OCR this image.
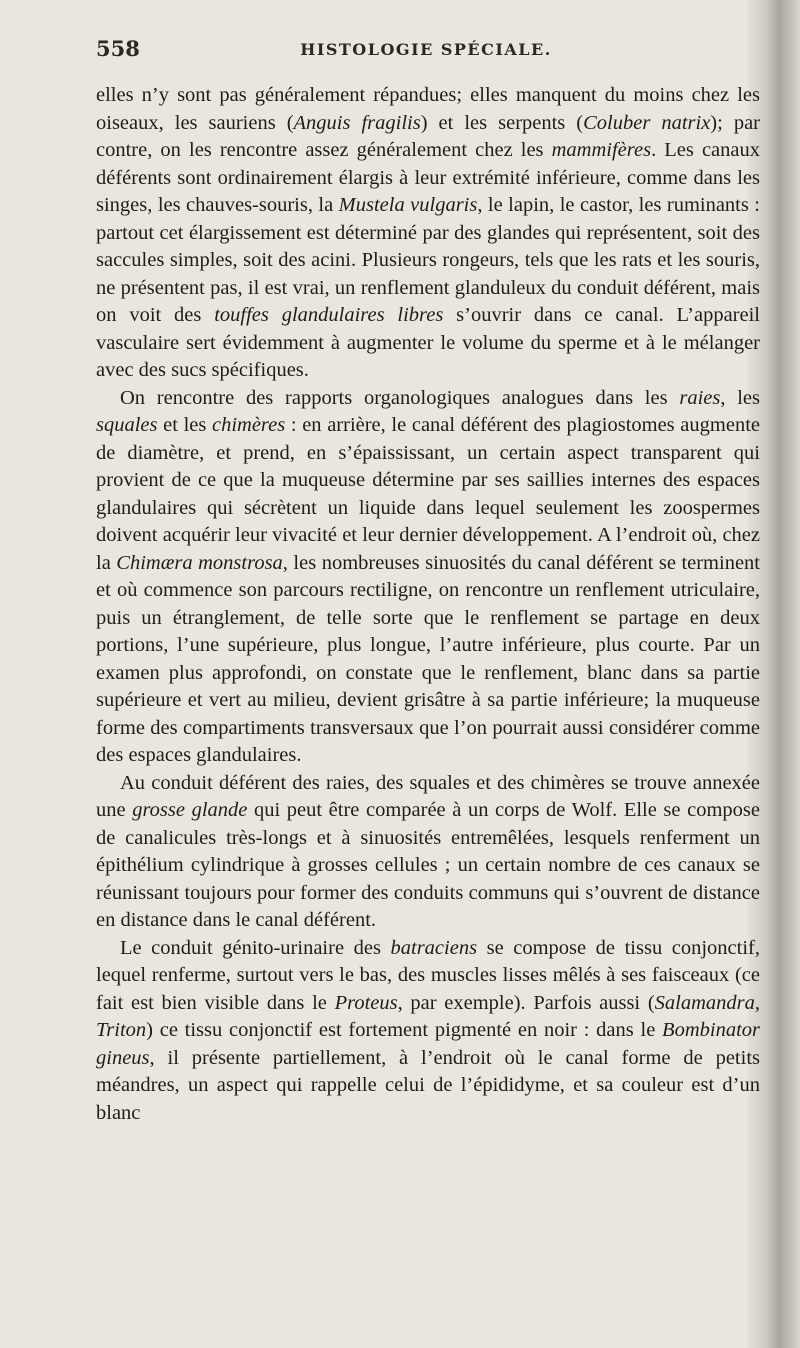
558	HISTOLOGIE SPÉCIALE.

elles n’y sont pas généralement répandues; elles manquent du moins chez les oiseaux, les sauriens (Anguis fragilis) et les serpents (Coluber natrix); par contre, on les rencontre assez généralement chez les mammifères. Les canaux déférents sont ordinairement élargis à leur extrémité inférieure, comme dans les singes, les chauves-souris, la Mustela vulgaris, le lapin, le castor, les ruminants : partout cet élargissement est déterminé par des glandes qui représentent, soit des saccules simples, soit des acini. Plusieurs rongeurs, tels que les rats et les souris, ne présentent pas, il est vrai, un renflement glanduleux du conduit déférent, mais on voit des touffes glandulaires libres s’ouvrir dans ce canal. L’appareil vasculaire sert évidemment à augmenter le volume du sperme et à le mélanger avec des sucs spécifiques.

On rencontre des rapports organologiques analogues dans les raies, les squales et les chimères : en arrière, le canal déférent des plagiostomes augmente de diamètre, et prend, en s’épaississant, un certain aspect transparent qui provient de ce que la muqueuse détermine par ses saillies internes des espaces glandulaires qui sécrètent un liquide dans lequel seulement les zoospermes doivent acquérir leur vivacité et leur dernier développement. A l’endroit où, chez la Chimæra monstrosa, les nombreuses sinuosités du canal déférent se terminent et où commence son parcours rectiligne, on rencontre un renflement utriculaire, puis un étranglement, de telle sorte que le renflement se partage en deux portions, l’une supérieure, plus longue, l’autre inférieure, plus courte. Par un examen plus approfondi, on constate que le renflement, blanc dans sa partie supérieure et vert au milieu, devient grisâtre à sa partie inférieure; la muqueuse forme des compartiments transversaux que l’on pourrait aussi considérer comme des espaces glandulaires.

Au conduit déférent des raies, des squales et des chimères se trouve annexée une grosse glande qui peut être comparée à un corps de Wolf. Elle se compose de canalicules très-longs et à sinuosités entremêlées, lesquels renferment un épithélium cylindrique à grosses cellules ; un certain nombre de ces canaux se réunissant toujours pour former des conduits communs qui s’ouvrent de distance en distance dans le canal déférent.

Le conduit génito-urinaire des batraciens se compose de tissu conjonctif, lequel renferme, surtout vers le bas, des muscles lisses mêlés à ses faisceaux (ce fait est bien visible dans le Proteus, par exemple). Parfois aussi (Salamandra, Triton) ce tissu conjonctif est fortement pigmenté en noir : dans le Bombinator gineus, il présente partiellement, à l’endroit où le canal forme de petits méandres, un aspect qui rappelle celui de l’épididyme, et sa couleur est d’un blanc
